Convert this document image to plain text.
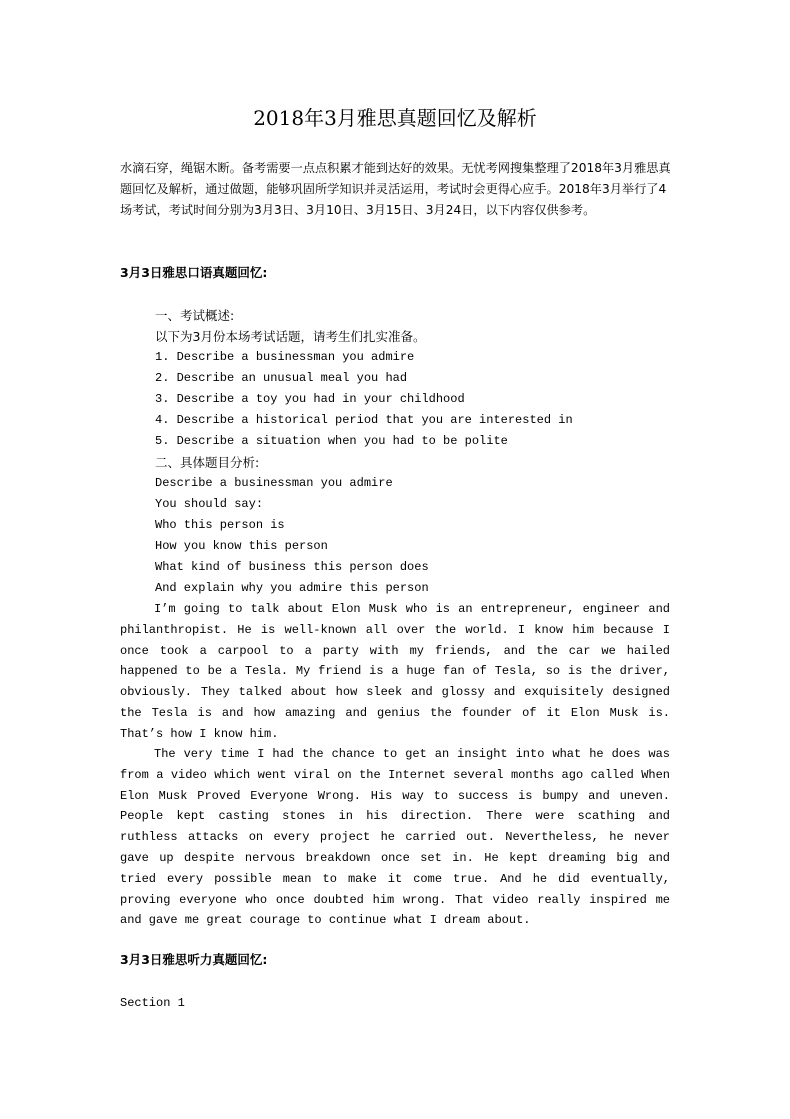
2018年3月雅思真题回忆及解析

水滴石穿，绳锯木断。备考需要一点点积累才能到达好的效果。无忧考网搜集整理了2018年3月雅思真题回忆及解析，通过做题，能够巩固所学知识并灵活运用，考试时会更得心应手。2018年3月举行了4场考试，考试时间分别为3月3日、3月10日、3月15日、3月24日，以下内容仅供参考。

3月3日雅思口语真题回忆:

一、考试概述:
以下为3月份本场考试话题，请考生们扎实准备。
1. Describe a businessman you admire
2. Describe an unusual meal you had
3. Describe a toy you had in your childhood
4. Describe a historical period that you are interested in
5. Describe a situation when you had to be polite
二、具体题目分析:
Describe a businessman you admire
You should say:
Who this person is
How you know this person
What kind of business this person does
And explain why you admire this person

I’m going to talk about Elon Musk who is an entrepreneur, engineer and philanthropist. He is well-known all over the world. I know him because I once took a carpool to a party with my friends, and the car we hailed happened to be a Tesla. My friend is a huge fan of Tesla, so is the driver, obviously. They talked about how sleek and glossy and exquisitely designed the Tesla is and how amazing and genius the founder of it Elon Musk is. That’s how I know him.

The very time I had the chance to get an insight into what he does was from a video which went viral on the Internet several months ago called When Elon Musk Proved Everyone Wrong. His way to success is bumpy and uneven. People kept casting stones in his direction. There were scathing and ruthless attacks on every project he carried out. Nevertheless, he never gave up despite nervous breakdown once set in. He kept dreaming big and tried every possible mean to make it come true. And he did eventually, proving everyone who once doubted him wrong. That video really inspired me and gave me great courage to continue what I dream about.

3月3日雅思听力真题回忆:

Section 1
